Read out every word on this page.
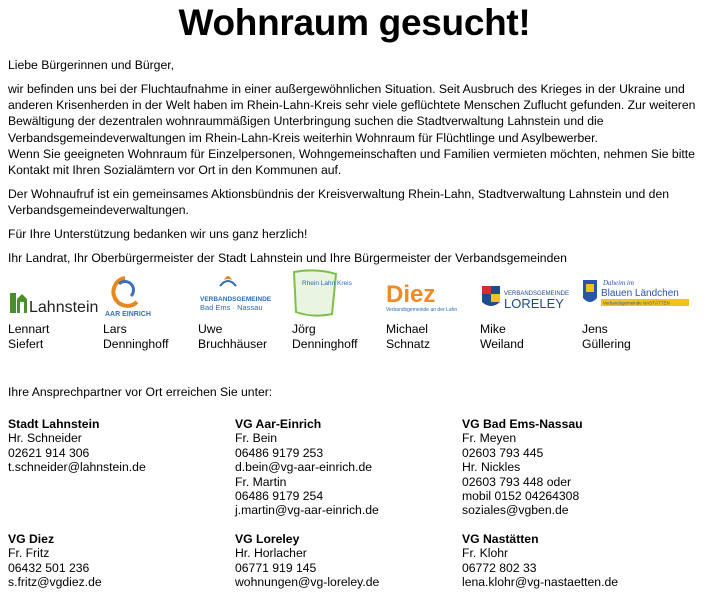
Wohnraum gesucht!

Liebe Bürgerinnen und Bürger,

wir befinden uns bei der Fluchtaufnahme in einer außergewöhnlichen Situation. Seit Ausbruch des Krieges in der Ukraine und anderen Krisenherden in der Welt haben im Rhein-Lahn-Kreis sehr viele geflüchtete Menschen Zuflucht gefunden. Zur weiteren Bewältigung der dezentralen wohnraummäßigen Unterbringung suchen die Stadtverwaltung Lahnstein und die Verbandsgemeindeverwaltungen im Rhein-Lahn-Kreis weiterhin Wohnraum für Flüchtlinge und Asylbewerber.

Wenn Sie geeigneten Wohnraum für Einzelpersonen, Wohngemeinschaften und Familien vermieten möchten, nehmen Sie bitte Kontakt mit Ihren Sozialämtern vor Ort in den Kommunen auf.

Der Wohnaufruf ist ein gemeinsames Aktionsbündnis der Kreisverwaltung Rhein-Lahn, Stadtverwaltung Lahnstein und den Verbandsgemeindeverwaltungen.

Für Ihre Unterstützung bedanken wir uns ganz herzlich!

Ihr Landrat, Ihr Oberbürgermeister der Stadt Lahnstein und Ihre Bürgermeister der Verbandsgemeinden

Lahnstein
Lennart
Siefert
AAR EINRICH
Lars
Denninghoff
VERBANDSGEMEINDE
Bad Ems · Nassau
Uwe
Bruchhäuser
Rhein Lahn Kreis
Jörg
Denninghoff
Diez
Verbandsgemeinde an der Lahn
Michael
Schnatz
VERBANDSGEMEINDE
LORELEY
Mike
Weiland
Daheim im
Blauen Ländchen
Verbandsgemeinde NASTÄTTEN
Jens
Güllering
Ihre Ansprechpartner vor Ort erreichen Sie unter:
Stadt Lahnstein
Hr. Schneider
02621 914 306
t.schneider@lahnstein.de
VG Aar-Einrich
Fr. Bein
06486 9179 253
d.bein@vg-aar-einrich.de
Fr. Martin
06486 9179 254
j.martin@vg-aar-einrich.de
VG Bad Ems-Nassau
Fr. Meyen
02603 793 445
Hr. Nickles
02603 793 448 oder
mobil 0152 04264308
soziales@vgben.de
VG Diez
Fr. Fritz
06432 501 236
s.fritz@vgdiez.de
VG Loreley
Hr. Horlacher
06771 919 145
wohnungen@vg-loreley.de
VG Nastätten
Fr. Klohr
06772 802 33
lena.klohr@vg-nastaetten.de
